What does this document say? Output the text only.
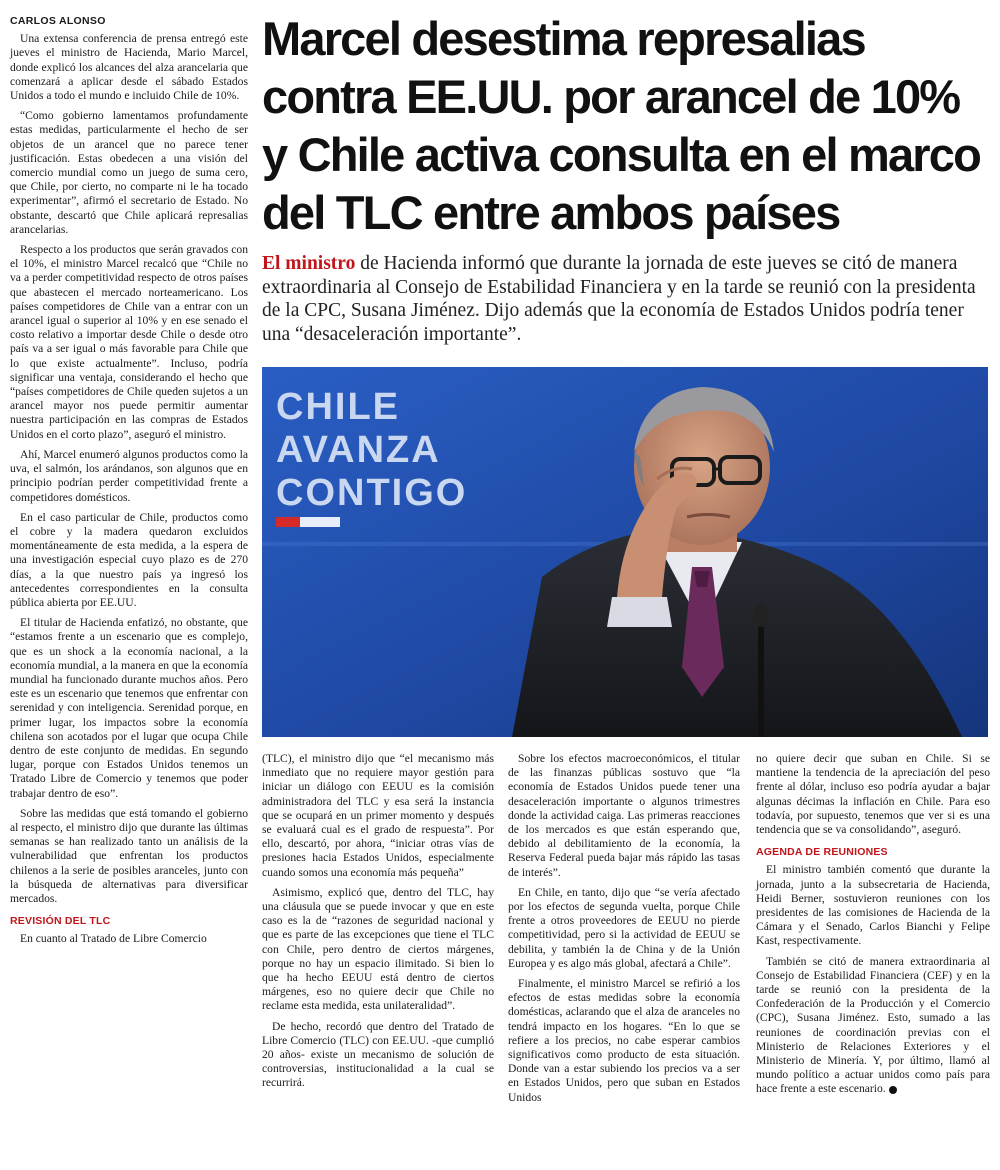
CARLOS ALONSO

Una extensa conferencia de prensa entregó este jueves el ministro de Hacienda, Mario Marcel, donde explicó los alcances del alza arancelaria que comenzará a aplicar desde el sábado Estados Unidos a todo el mundo e incluido Chile de 10%.

“Como gobierno lamentamos profundamente estas medidas, particularmente el hecho de ser objetos de un arancel que no parece tener justificación. Estas obedecen a una visión del comercio mundial como un juego de suma cero, que Chile, por cierto, no comparte ni le ha tocado experimentar”, afirmó el secretario de Estado. No obstante, descartó que Chile aplicará represalias arancelarias.

Respecto a los productos que serán gravados con el 10%, el ministro Marcel recalcó que “Chile no va a perder competitividad respecto de otros países que abastecen el mercado norteamericano. Los países competidores de Chile van a entrar con un arancel igual o superior al 10% y en ese senado el costo relativo a importar desde Chile o desde otro país va a ser igual o más favorable para Chile que lo que existe actualmente”. Incluso, podría significar una ventaja, considerando el hecho que “países competidores de Chile queden sujetos a un arancel mayor nos puede permitir aumentar nuestra participación en las compras de Estados Unidos en el corto plazo”, aseguró el ministro.

Ahí, Marcel enumeró algunos productos como la uva, el salmón, los arándanos, son algunos que en principio podrían perder competitividad frente a competidores domésticos.

En el caso particular de Chile, productos como el cobre y la madera quedaron excluidos momentáneamente de esta medida, a la espera de una investigación especial cuyo plazo es de 270 días, a la que nuestro país ya ingresó los antecedentes correspondientes en la consulta pública abierta por EE.UU.

El titular de Hacienda enfatizó, no obstante, que “estamos frente a un escenario que es complejo, que es un shock a la economía nacional, a la economía mundial, a la manera en que la economía mundial ha funcionado durante muchos años. Pero este es un escenario que tenemos que enfrentar con serenidad y con inteligencia. Serenidad porque, en primer lugar, los impactos sobre la economía chilena son acotados por el lugar que ocupa Chile dentro de este conjunto de medidas. En segundo lugar, porque con Estados Unidos tenemos un Tratado Libre de Comercio y tenemos que poder trabajar dentro de eso”.

Sobre las medidas que está tomando el gobierno al respecto, el ministro dijo que durante las últimas semanas se han realizado tanto un análisis de la vulnerabilidad que enfrentan los productos chilenos a la serie de posibles aranceles, junto con la búsqueda de alternativas para diversificar mercados.

REVISIÓN DEL TLC

En cuanto al Tratado de Libre Comercio

Marcel desestima represalias
contra EE.UU. por arancel de 10%
y Chile activa consulta en el marco
del TLC entre ambos países
El ministro de Hacienda informó que durante la jornada de este jueves se citó de manera extraordinaria al Consejo de Estabilidad Financiera y en la tarde se reunió con la presidenta de la CPC, Susana Jiménez. Dijo además que la economía de Estados Unidos podría tener una “desaceleración importante”.
CHILE
AVANZA
CONTIGO

(TLC), el ministro dijo que “el mecanismo más inmediato que no requiere mayor gestión para iniciar un diálogo con EEUU es la comisión administradora del TLC y esa será la instancia que se ocupará en un primer momento y después se evaluará cual es el grado de respuesta”. Por ello, descartó, por ahora, “iniciar otras vías de presiones hacia Estados Unidos, especialmente cuando somos una economía más pequeña”

Asimismo, explicó que, dentro del TLC, hay una cláusula que se puede invocar y que en este caso es la de “razones de seguridad nacional y que es parte de las excepciones que tiene el TLC con Chile, pero dentro de ciertos márgenes, porque no hay un espacio ilimitado. Si bien lo que ha hecho EEUU está dentro de ciertos márgenes, eso no quiere decir que Chile no reclame esta medida, esta unilateralidad”.

De hecho, recordó que dentro del Tratado de Libre Comercio (TLC) con EE.UU. -que cumplió 20 años- existe un mecanismo de solución de controversias, institucionalidad a la cual se recurrirá.

Sobre los efectos macroeconómicos, el titular de las finanzas públicas sostuvo que “la economía de Estados Unidos puede tener una desaceleración importante o algunos trimestres donde la actividad caiga. Las primeras reacciones de los mercados es que están esperando que, debido al debilitamiento de la economía, la Reserva Federal pueda bajar más rápido las tasas de interés”.

En Chile, en tanto, dijo que “se vería afectado por los efectos de segunda vuelta, porque Chile frente a otros proveedores de EEUU no pierde competitividad, pero si la actividad de EEUU se debilita, y también la de China y de la Unión Europea y es algo más global, afectará a Chile”.

Finalmente, el ministro Marcel se refirió a los efectos de estas medidas sobre la economía domésticas, aclarando que el alza de aranceles no tendrá impacto en los hogares. “En lo que se refiere a los precios, no cabe esperar cambios significativos como producto de esta situación. Donde van a estar subiendo los precios va a ser en Estados Unidos, pero que suban en Estados Unidos

no quiere decir que suban en Chile. Si se mantiene la tendencia de la apreciación del peso frente al dólar, incluso eso podría ayudar a bajar algunas décimas la inflación en Chile. Para eso todavía, por supuesto, tenemos que ver si es una tendencia que se va consolidando”, aseguró.

AGENDA DE REUNIONES

El ministro también comentó que durante la jornada, junto a la subsecretaria de Hacienda, Heidi Berner, sostuvieron reuniones con los presidentes de las comisiones de Hacienda de la Cámara y el Senado, Carlos Bianchi y Felipe Kast, respectivamente.

También se citó de manera extraordinaria al Consejo de Estabilidad Financiera (CEF) y en la tarde se reunió con la presidenta de la Confederación de la Producción y el Comercio (CPC), Susana Jiménez. Esto, sumado a las reuniones de coordinación previas con el Ministerio de Relaciones Exteriores y el Ministerio de Minería. Y, por último, llamó al mundo político a actuar unidos como país para hace frente a este escenario.
